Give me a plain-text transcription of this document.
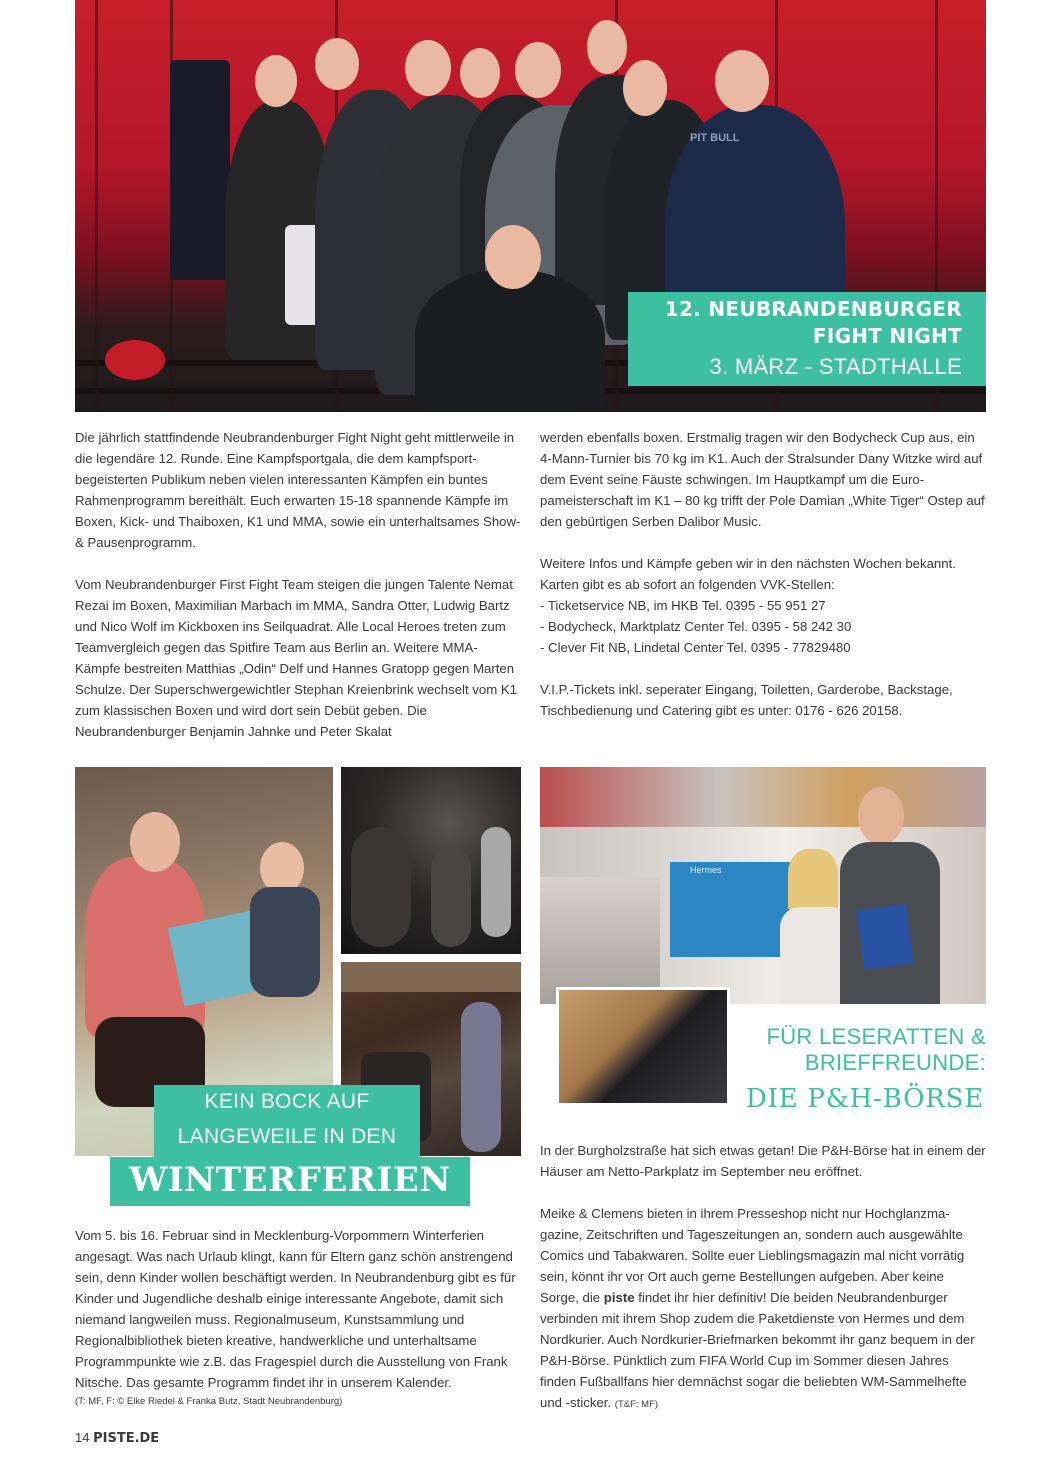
PIT BULL
12. NEUBRANDENBURGER
FIGHT NIGHT
3. MÄRZ - STADTHALLE

Die jährlich stattfindende Neubrandenburger Fight Night geht mittlerweile in die legendäre 12. Runde. Eine Kampfsportgala, die dem kampfsportbegeisterten Publikum neben vielen interessanten Kämpfen ein buntes Rahmenprogramm bereithält. Euch erwarten 15-18 spannende Kämpfe im Boxen, Kick- und Thaiboxen, K1 und MMA, sowie ein unterhaltsames Show- & Pausenprogramm.

Vom Neubrandenburger First Fight Team steigen die jungen Talente Nemat Rezai im Boxen, Maximilian Marbach im MMA, Sandra Otter, Ludwig Bartz und Nico Wolf im Kickboxen ins Seilquadrat. Alle Local Heroes treten zum Teamvergleich gegen das Spitfire Team aus Berlin an. Weitere MMA-Kämpfe bestreiten Matthias „Odin“ Delf und Hannes Gratopp gegen Marten Schulze. Der Superschwergewichtler Stephan Kreienbrink wechselt vom K1 zum klassischen Boxen und wird dort sein Debüt geben. Die Neubrandenburger Benjamin Jahnke und Peter Skalat

werden ebenfalls boxen. Erstmalig tragen wir den Bodycheck Cup aus, ein 4-Mann-Turnier bis 70 kg im K1. Auch der Stralsunder Dany Witzke wird auf dem Event seine Fäuste schwingen. Im Hauptkampf um die Europameisterschaft im K1 – 80 kg trifft der Pole Damian „White Tiger“ Ostep auf den gebürtigen Serben Dalibor Music.

Weitere Infos und Kämpfe geben wir in den nächsten Wochen bekannt. Karten gibt es ab sofort an folgenden VVK-Stellen:
- Ticketservice NB, im HKB Tel. 0395 - 55 951 27
- Bodycheck, Marktplatz Center Tel. 0395 - 58 242 30
- Clever Fit NB, Lindetal Center Tel. 0395 - 77829480

V.I.P.-Tickets inkl. seperater Eingang, Toiletten, Garderobe, Backstage, Tischbedienung und Catering gibt es unter: 0176 - 626 20158.

KEIN BOCK AUF
LANGEWEILE IN DEN
WINTERFERIEN

Vom 5. bis 16. Februar sind in Mecklenburg-Vorpommern Winterferien angesagt. Was nach Urlaub klingt, kann für Eltern ganz schön anstrengend sein, denn Kinder wollen beschäftigt werden. In Neubrandenburg gibt es für Kinder und Jugendliche deshalb einige interessante Angebote, damit sich niemand langweilen muss. Regionalmuseum, Kunstsammlung und Regionalbibliothek bieten kreative, handwerkliche und unterhaltsame Programmpunkte wie z.B. das Fragespiel durch die Ausstellung von Frank Nitsche. Das gesamte Programm findet ihr in unserem Kalender.

(T: MF, F: © Elke Riedel & Franka Butz, Stadt Neubrandenburg)
Hermes
FÜR LESERATTEN &
BRIEFFREUNDE:
DIE P&H-BÖRSE

In der Burgholzstraße hat sich etwas getan! Die P&H-Börse hat in einem der Häuser am Netto-Parkplatz im September neu eröffnet.

Meike & Clemens bieten in ihrem Presseshop nicht nur Hochglanzmagazine, Zeitschriften und Tageszeitungen an, sondern auch ausgewählte Comics und Tabakwaren. Sollte euer Lieblingsmagazin mal nicht vorrätig sein, könnt ihr vor Ort auch gerne Bestellungen aufgeben. Aber keine Sorge, die piste findet ihr hier definitiv! Die beiden Neubrandenburger verbinden mit ihrem Shop zudem die Paketdienste von Hermes und dem Nordkurier. Auch Nordkurier-Briefmarken bekommt ihr ganz bequem in der P&H-Börse. Pünktlich zum FIFA World Cup im Sommer diesen Jahres finden Fußballfans hier demnächst sogar die beliebten WM-Sammelhefte und -sticker. (T&F: MF)

14 PISTE.DE
